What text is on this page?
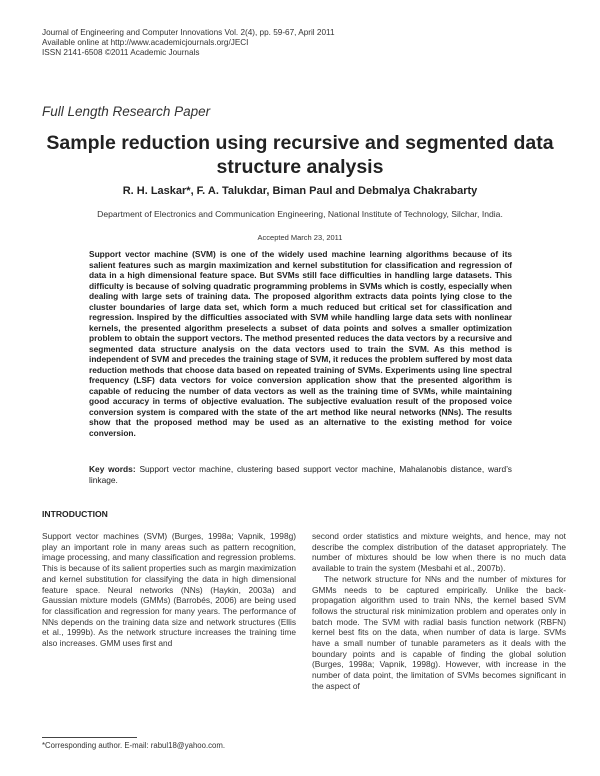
Journal of Engineering and Computer Innovations Vol. 2(4), pp. 59-67, April 2011
Available online at http://www.academicjournals.org/JECI
ISSN 2141-6508 ©2011 Academic Journals
Full Length Research Paper
Sample reduction using recursive and segmented data structure analysis
R. H. Laskar*, F. A. Talukdar, Biman Paul and Debmalya Chakrabarty
Department of Electronics and Communication Engineering, National Institute of Technology, Silchar, India.
Accepted March 23, 2011
Support vector machine (SVM) is one of the widely used machine learning algorithms because of its salient features such as margin maximization and kernel substitution for classification and regression of data in a high dimensional feature space. But SVMs still face difficulties in handling large datasets. This difficulty is because of solving quadratic programming problems in SVMs which is costly, especially when dealing with large sets of training data. The proposed algorithm extracts data points lying close to the cluster boundaries of large data set, which form a much reduced but critical set for classification and regression. Inspired by the difficulties associated with SVM while handling large data sets with nonlinear kernels, the presented algorithm preselects a subset of data points and solves a smaller optimization problem to obtain the support vectors. The method presented reduces the data vectors by a recursive and segmented data structure analysis on the data vectors used to train the SVM. As this method is independent of SVM and precedes the training stage of SVM, it reduces the problem suffered by most data reduction methods that choose data based on repeated training of SVMs. Experiments using line spectral frequency (LSF) data vectors for voice conversion application show that the presented algorithm is capable of reducing the number of data vectors as well as the training time of SVMs, while maintaining good accuracy in terms of objective evaluation. The subjective evaluation result of the proposed voice conversion system is compared with the state of the art method like neural networks (NNs). The results show that the proposed method may be used as an alternative to the existing method for voice conversion.
Key words: Support vector machine, clustering based support vector machine, Mahalanobis distance, ward’s linkage.
INTRODUCTION

Support vector machines (SVM) (Burges, 1998a; Vapnik, 1998g) play an important role in many areas such as pattern recognition, image processing, and many classification and regression problems. This is because of its salient properties such as margin maximization and kernel substitution for classifying the data in high dimensional feature space. Neural networks (NNs) (Haykin, 2003a) and Gaussian mixture models (GMMs) (Barrobés, 2006) are being used for classification and regression for many years. The performance of NNs depends on the training data size and network structures (Ellis et al., 1999b). As the network structure increases the training time also increases. GMM uses first and

second order statistics and mixture weights, and hence, may not describe the complex distribution of the dataset appropriately. The number of mixtures should be low when there is no much data available to train the system (Mesbahi et al., 2007b).

The network structure for NNs and the number of mixtures for GMMs needs to be captured empirically. Unlike the back-propagation algorithm used to train NNs, the kernel based SVM follows the structural risk minimization problem and operates only in batch mode. The SVM with radial basis function network (RBFN) kernel best fits on the data, when number of data is large. SVMs have a small number of tunable parameters as it deals with the boundary points and is capable of finding the global solution (Burges, 1998a; Vapnik, 1998g). However, with increase in the number of data point, the limitation of SVMs becomes significant in the aspect of

*Corresponding author. E-mail: rabul18@yahoo.com.
